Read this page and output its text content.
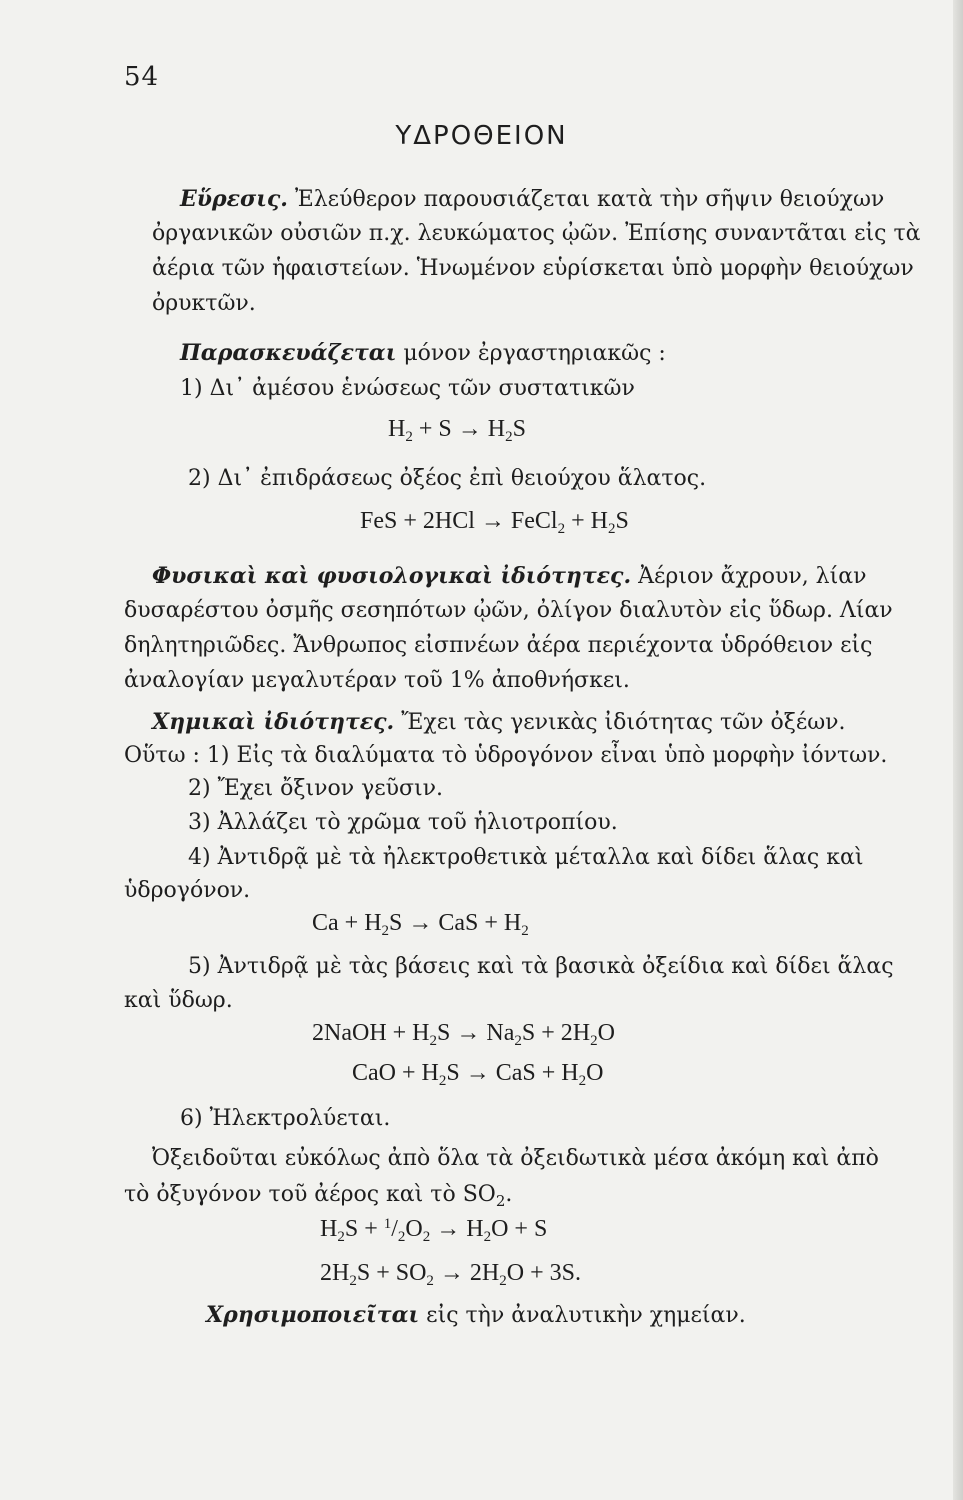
54
ΥΔΡΟΘΕΙΟΝ
Εὕρεσις. Ἐλεύθερον παρουσιάζεται κατὰ τὴν σῆψιν θειούχων
ὀργανικῶν οὐσιῶν π.χ. λευκώματος ᾠῶν. Ἐπίσης συναντᾶται εἰς τὰ
ἀέρια τῶν ἡφαιστείων. Ἡνωμένον εὑρίσκεται ὑπὸ μορφὴν θειούχων
ὀρυκτῶν.
Παρασκευάζεται μόνον ἐργαστηριακῶς :
1) Δι᾽ ἀμέσου ἑνώσεως τῶν συστατικῶν
$H_2 + S \to H_2S$
2) Δι᾽ ἐπιδράσεως ὀξέος ἐπὶ θειούχου ἅλατος.
FeS + 2HCl → FeCl$_2$ + $H_2S$
Φυσικαὶ καὶ φυσιολογικαὶ ἰδιότητες. Ἀέριον ἄχρουν, λίαν
δυσαρέστου ὀσμῆς σεσηπότων ᾠῶν, ὀλίγον διαλυτὸν εἰς ὕδωρ. Λίαν
δηλητηριῶδες. Ἄνθρωπος εἰσπνέων ἀέρα περιέχοντα ὑδρόθειον εἰς
ἀναλογίαν μεγαλυτέραν τοῦ 1% ἀποθνήσκει.
Χημικαὶ ἰδιότητες. Ἔχει τὰς γενικὰς ἰδιότητας τῶν ὀξέων.
Οὕτω : 1) Εἰς τὰ διαλύματα τὸ ὑδρογόνον εἶναι ὑπὸ μορφὴν ἰόντων.
2) Ἔχει ὄξινον γεῦσιν.
3) Ἀλλάζει τὸ χρῶμα τοῦ ἡλιοτροπίου.
4) Ἀντιδρᾷ μὲ τὰ ἠλεκτροθετικὰ μέταλλα καὶ δίδει ἅλας καὶ
ὑδρογόνον.
$Ca + H_2S$ → CaS + $H_2$
5) Ἀντιδρᾷ μὲ τὰς βάσεις καὶ τὰ βασικὰ ὀξείδια καὶ δίδει ἅλας
καὶ ὕδωρ.
2NaOH + $H_2S \to Na_2S + 2H_2O$
CaO + $H_2S$ → CaS + $H_2O$
6) Ἠλεκτρολύεται.
Ὀξειδοῦται εὐκόλως ἀπὸ ὅλα τὰ ὀξειδωτικὰ μέσα ἀκόμη καὶ ἀπὸ
τὸ ὀξυγόνον τοῦ ἀέρος καὶ τὸ $SO_2$.
$H_2S + ^1/_2O_2 \to H_2O + S$
$2H_2S + SO_2 \to 2H_2O + 3S$.
Χρησιμοποιεῖται εἰς τὴν ἀναλυτικὴν χημείαν.
